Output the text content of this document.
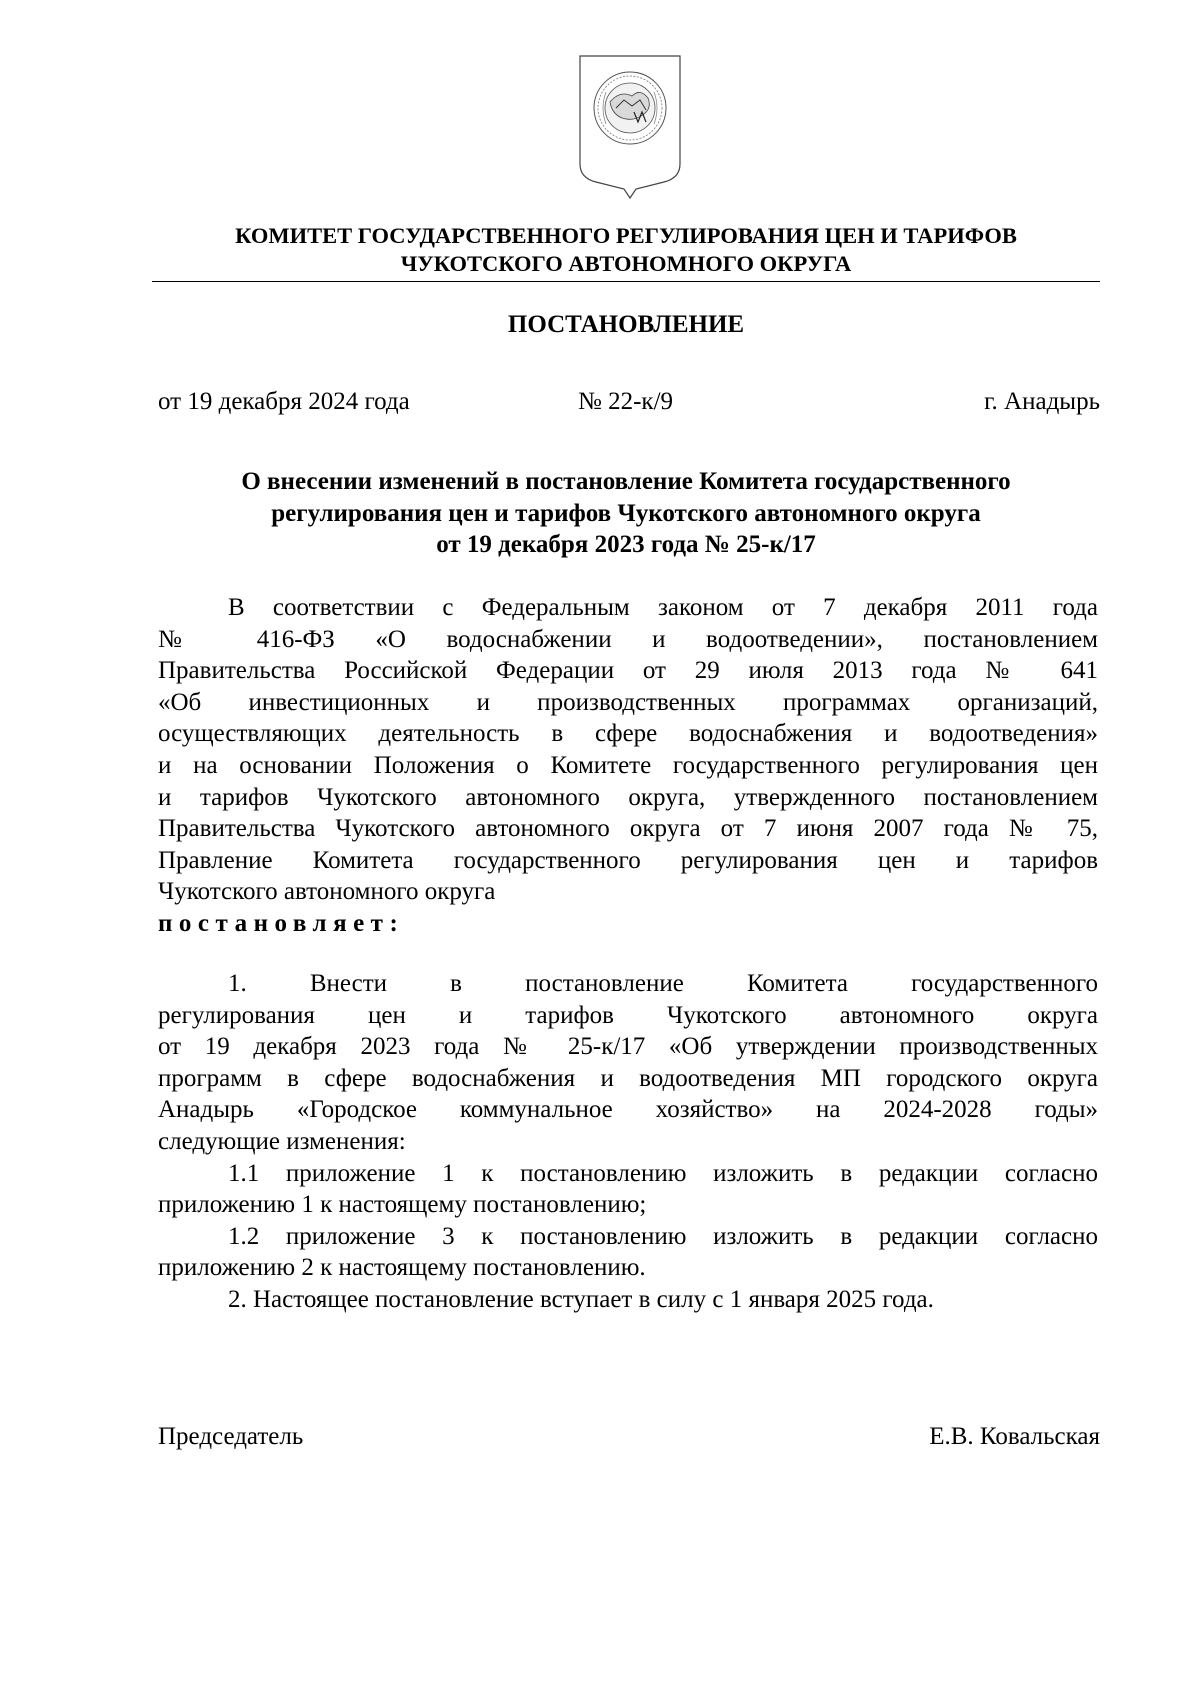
КОМИТЕТ ГОСУДАРСТВЕННОГО РЕГУЛИРОВАНИЯ ЦЕН И ТАРИФОВ
ЧУКОТСКОГО АВТОНОМНОГО ОКРУГА
ПОСТАНОВЛЕНИЕ
от 19 декабря 2024 года	№ 22-к/9	г. Анадырь
О внесении изменений в постановление Комитета государственного
регулирования цен и тарифов Чукотского автономного округа
от 19 декабря 2023 года № 25-к/17
В соответствии с Федеральным законом от 7 декабря 2011 года
№ 416-ФЗ «О водоснабжении и водоотведении», постановлением
Правительства Российской Федерации от 29 июля 2013 года № 641
«Об инвестиционных и производственных программах организаций,
осуществляющих деятельность в сфере водоснабжения и водоотведения»
и на основании Положения о Комитете государственного регулирования цен
и тарифов Чукотского автономного округа, утвержденного постановлением
Правительства Чукотского автономного округа от 7 июня 2007 года № 75,
Правление Комитета государственного регулирования цен и тарифов
Чукотского автономного округа
постановляет:
1. Внести в постановление Комитета государственного
регулирования цен и тарифов Чукотского автономного округа
от 19 декабря 2023 года № 25-к/17 «Об утверждении производственных
программ в сфере водоснабжения и водоотведения МП городского округа
Анадырь «Городское коммунальное хозяйство» на 2024-2028 годы»
следующие изменения:
1.1 приложение 1 к постановлению изложить в редакции согласно
приложению 1 к настоящему постановлению;
1.2 приложение 3 к постановлению изложить в редакции согласно
приложению 2 к настоящему постановлению.
2. Настоящее постановление вступает в силу с 1 января 2025 года.
Председатель	Е.В. Ковальская
